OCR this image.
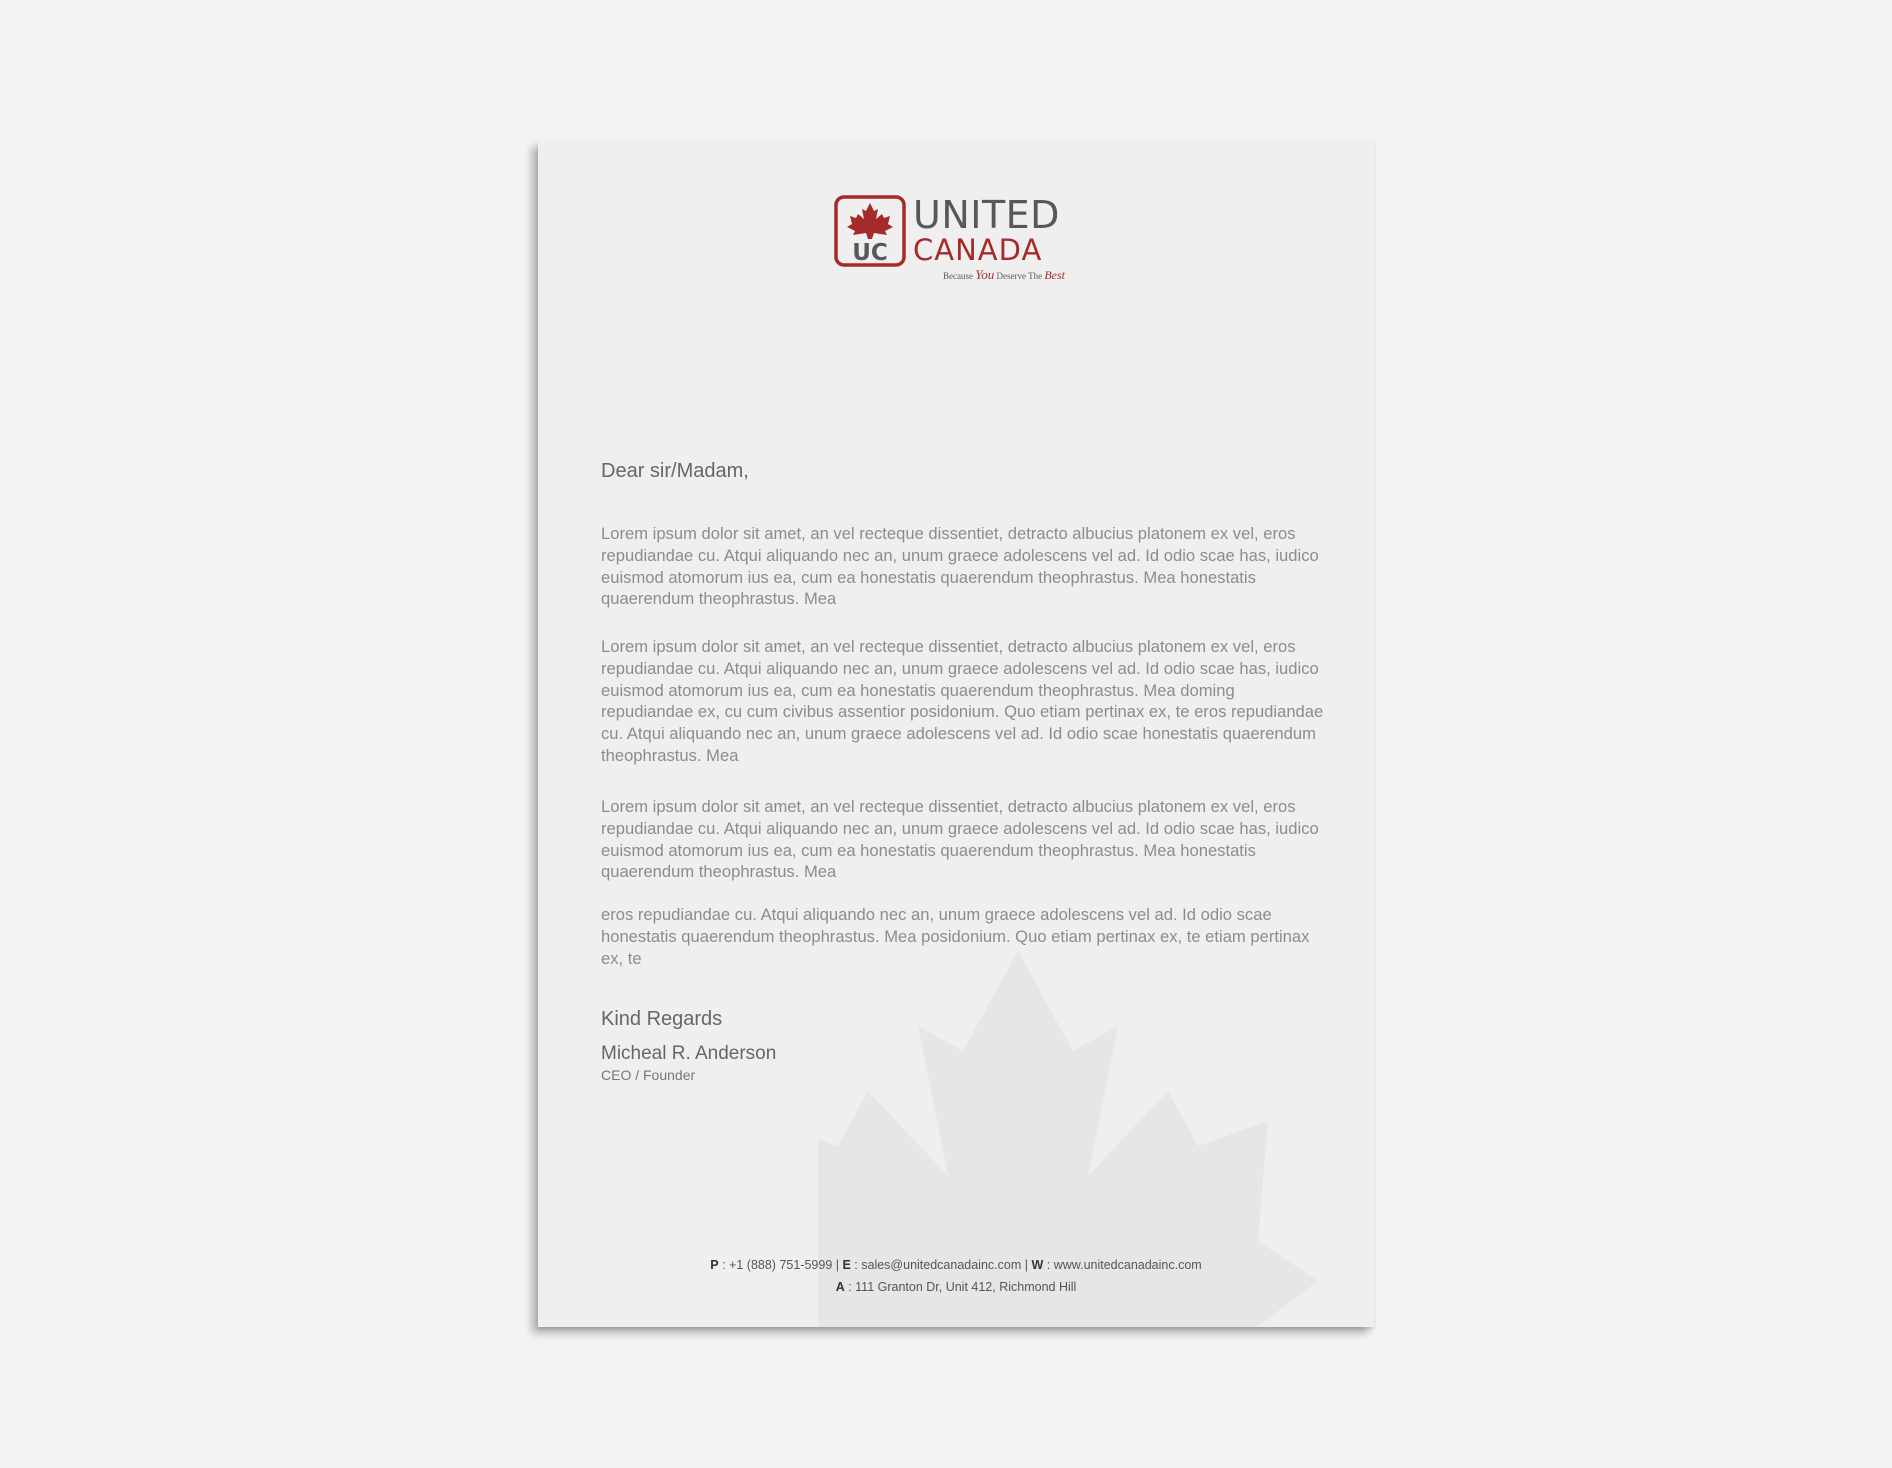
UC
UNITED
CANADA
Because You Deserve The Best
Dear sir/Madam,

Lorem ipsum dolor sit amet, an vel recteque dissentiet, detracto albucius platonem ex vel, eros repudiandae cu. Atqui aliquando nec an, unum graece adolescens vel ad. Id odio scae has, iudico euismod atomorum ius ea, cum ea honestatis quaerendum theophrastus. Mea honestatis quaerendum theophrastus. Mea

Lorem ipsum dolor sit amet, an vel recteque dissentiet, detracto albucius platonem ex vel, eros repudiandae cu. Atqui aliquando nec an, unum graece adolescens vel ad. Id odio scae has, iudico euismod atomorum ius ea, cum ea honestatis quaerendum theophrastus. Mea doming repudiandae ex, cu cum civibus assentior posidonium. Quo etiam pertinax ex, te eros repudiandae cu. Atqui aliquando nec an, unum graece adolescens vel ad. Id odio scae honestatis quaerendum theophrastus. Mea

Lorem ipsum dolor sit amet, an vel recteque dissentiet, detracto albucius platonem ex vel, eros repudiandae cu. Atqui aliquando nec an, unum graece adolescens vel ad. Id odio scae has, iudico euismod atomorum ius ea, cum ea honestatis quaerendum theophrastus. Mea honestatis quaerendum theophrastus. Mea

eros repudiandae cu. Atqui aliquando nec an, unum graece adolescens vel ad. Id odio scae honestatis quaerendum theophrastus. Mea posidonium. Quo etiam pertinax ex, te etiam pertinax ex, te

Kind Regards
Micheal R. Anderson
CEO / Founder
P : +1 (888) 751-5999 | E : sales@unitedcanadainc.com | W : www.unitedcanadainc.com
A : 111 Granton Dr, Unit 412, Richmond Hill
